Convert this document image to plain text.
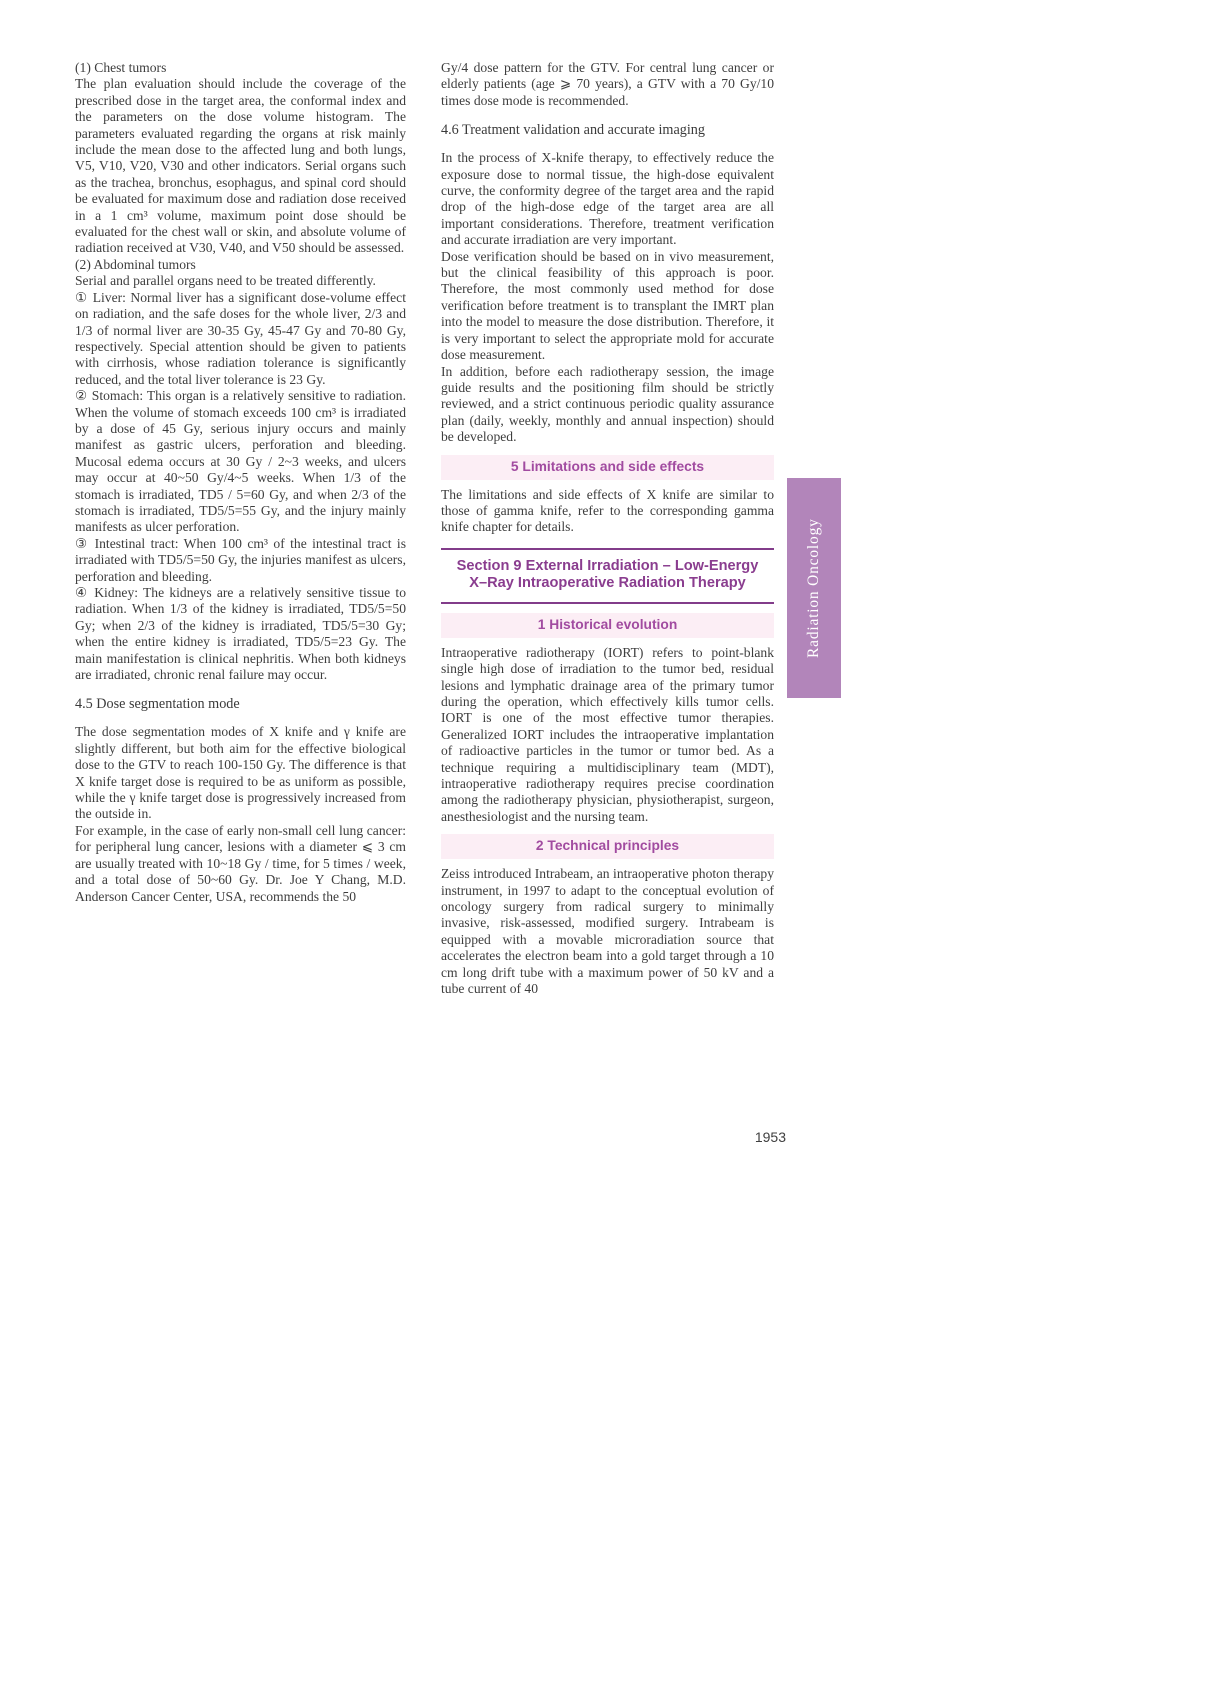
(1) Chest tumors

The plan evaluation should include the coverage of the prescribed dose in the target area, the conformal index and the parameters on the dose volume histogram. The parameters evaluated regarding the organs at risk mainly include the mean dose to the affected lung and both lungs, V5, V10, V20, V30 and other indicators. Serial organs such as the trachea, bronchus, esophagus, and spinal cord should be evaluated for maximum dose and radiation dose received in a 1 cm³ volume, maximum point dose should be evaluated for the chest wall or skin, and absolute volume of radiation received at V30, V40, and V50 should be assessed.

(2) Abdominal tumors

Serial and parallel organs need to be treated differently.

① Liver: Normal liver has a significant dose-volume effect on radiation, and the safe doses for the whole liver, 2/3 and 1/3 of normal liver are 30-35 Gy, 45-47 Gy and 70-80 Gy, respectively. Special attention should be given to patients with cirrhosis, whose radiation tolerance is significantly reduced, and the total liver tolerance is 23 Gy.

② Stomach: This organ is a relatively sensitive to radiation. When the volume of stomach exceeds 100 cm³ is irradiated by a dose of 45 Gy, serious injury occurs and mainly manifest as gastric ulcers, perforation and bleeding. Mucosal edema occurs at 30 Gy / 2~3 weeks, and ulcers may occur at 40~50 Gy/4~5 weeks. When 1/3 of the stomach is irradiated, TD5 / 5=60 Gy, and when 2/3 of the stomach is irradiated, TD5/5=55 Gy, and the injury mainly manifests as ulcer perforation.

③ Intestinal tract: When 100 cm³ of the intestinal tract is irradiated with TD5/5=50 Gy, the injuries manifest as ulcers, perforation and bleeding.

④ Kidney: The kidneys are a relatively sensitive tissue to radiation. When 1/3 of the kidney is irradiated, TD5/5=50 Gy; when 2/3 of the kidney is irradiated, TD5/5=30 Gy; when the entire kidney is irradiated, TD5/5=23 Gy. The main manifestation is clinical nephritis. When both kidneys are irradiated, chronic renal failure may occur.

4.5 Dose segmentation mode

The dose segmentation modes of X knife and γ knife are slightly different, but both aim for the effective biological dose to the GTV to reach 100-150 Gy. The difference is that X knife target dose is required to be as uniform as possible, while the γ knife target dose is progressively increased from the outside in.

For example, in the case of early non-small cell lung cancer: for peripheral lung cancer, lesions with a diameter ⩽ 3 cm are usually treated with 10~18 Gy / time, for 5 times / week, and a total dose of 50~60 Gy. Dr. Joe Y Chang, M.D. Anderson Cancer Center, USA, recommends the 50

Gy/4 dose pattern for the GTV. For central lung cancer or elderly patients (age ⩾ 70 years), a GTV with a 70 Gy/10 times dose mode is recommended.

4.6 Treatment validation and accurate imaging

In the process of X-knife therapy, to effectively reduce the exposure dose to normal tissue, the high-dose equivalent curve, the conformity degree of the target area and the rapid drop of the high-dose edge of the target area are all important considerations. Therefore, treatment verification and accurate irradiation are very important.

Dose verification should be based on in vivo measurement, but the clinical feasibility of this approach is poor. Therefore, the most commonly used method for dose verification before treatment is to transplant the IMRT plan into the model to measure the dose distribution. Therefore, it is very important to select the appropriate mold for accurate dose measurement.

In addition, before each radiotherapy session, the image guide results and the positioning film should be strictly reviewed, and a strict continuous periodic quality assurance plan (daily, weekly, monthly and annual inspection) should be developed.

5 Limitations and side effects

The limitations and side effects of X knife are similar to those of gamma knife, refer to the corresponding gamma knife chapter for details.

Section 9 External Irradiation – Low-Energy X–Ray Intraoperative Radiation Therapy

1 Historical evolution

Intraoperative radiotherapy (IORT) refers to point-blank single high dose of irradiation to the tumor bed, residual lesions and lymphatic drainage area of the primary tumor during the operation, which effectively kills tumor cells. IORT is one of the most effective tumor therapies. Generalized IORT includes the intraoperative implantation of radioactive particles in the tumor or tumor bed. As a technique requiring a multidisciplinary team (MDT), intraoperative radiotherapy requires precise coordination among the radiotherapy physician, physiotherapist, surgeon, anesthesiologist and the nursing team.

2 Technical principles

Zeiss introduced Intrabeam, an intraoperative photon therapy instrument, in 1997 to adapt to the conceptual evolution of oncology surgery from radical surgery to minimally invasive, risk-assessed, modified surgery. Intrabeam is equipped with a movable microradiation source that accelerates the electron beam into a gold target through a 10 cm long drift tube with a maximum power of 50 kV and a tube current of 40

Radiation Oncology
1953
